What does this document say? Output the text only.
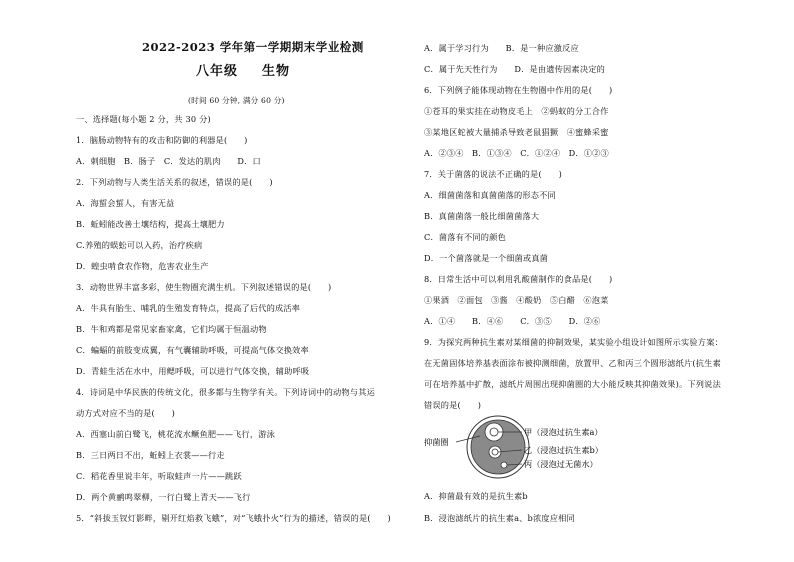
2022-2023 学年第一学期期末学业检测
八年级 生物
(时间 60 分钟, 满分 60 分)
一、选择题(每小题 2 分，共 30 分)
1．脑肠动物特有的攻击和防御的利器是(　　)
A．刺细胞　B．肠子　C．发达的肌肉　　D．口
2．下列动物与人类生活关系的叙述，错误的是(　　)
A．海蜇会蜇人，有害无益
B．蚯蚓能改善土壤结构，提高土壤肥力
C.养殖的蜈蚣可以入药，治疗疾病
D．蝗虫啃食农作物，危害农业生产
3．动物世界丰富多彩，使生物圈充满生机。下列叙述错误的是(　　)
A．牛具有胎生、哺乳的生殖发育特点，提高了后代的成活率
B．牛和鸡都是常见家畜家禽，它们均属于恒温动物
C．蝙蝠的前肢变成翼，有气囊辅助呼吸，可提高气体交换效率
D．青蛙生活在水中，用鳃呼吸，可以进行气体交换，辅助呼吸
4．诗词是中华民族的传统文化，很多都与生物学有关。下列诗词中的动物与其运
动方式对应不当的是(　　)
A．西塞山前白鹭飞，桃花流水鳜鱼肥——飞行，游泳
B．三日两日不出，蚯蚓上衣裳——行走
C．稻花香里说丰年，听取蛙声一片——跳跃
D．两个黄鹂鸣翠柳，一行白鹭上青天——飞行
5．“斜拔玉钗灯影畔，剔开红焰救飞蛾”，对“飞蛾扑火”行为的描述，错误的是(　　)
A．属于学习行为　　B．是一种应激反应
C．属于先天性行为　　D．是由遗传因素决定的
6．下列例子能体现动物在生物圈中作用的是(　　)
①苍耳的果实挂在动物皮毛上　②蚂蚁的分工合作
③某地区蛇被大量捕杀导致老鼠猖獗　④蜜蜂采蜜
A．②③④　B．①③④　C．①②④　D．①②③
7．关于菌落的说法不正确的是(　　)
A．细菌菌落和真菌菌落的形态不同
B．真菌菌落一般比细菌菌落大
C．菌落有不同的颜色
D．一个菌落就是一个细菌或真菌
8．日常生活中可以利用乳酸菌制作的食品是(　　)
①果酒　②面包　③酱　④酸奶　⑤白醋　⑥泡菜
A．①④　　B．④⑥　　C．③⑤　　D．②⑥
9．为探究两种抗生素对某细菌的抑制效果，某实验小组设计如图所示实验方案：
在无菌固体培养基表面涂布被抑测细菌，放置甲、乙和丙三个圆形滤纸片(抗生素
可在培养基中扩散，滤纸片周围出现抑菌圈的大小能反映其抑菌效果)。下列说法
错误的是(　　)
抑菌圈
甲（浸泡过抗生素a）
乙（浸泡过抗生素b）
丙（浸泡过无菌水）
A．抑菌最有效的是抗生素b
B．浸泡滤纸片的抗生素a、b浓度应相同
